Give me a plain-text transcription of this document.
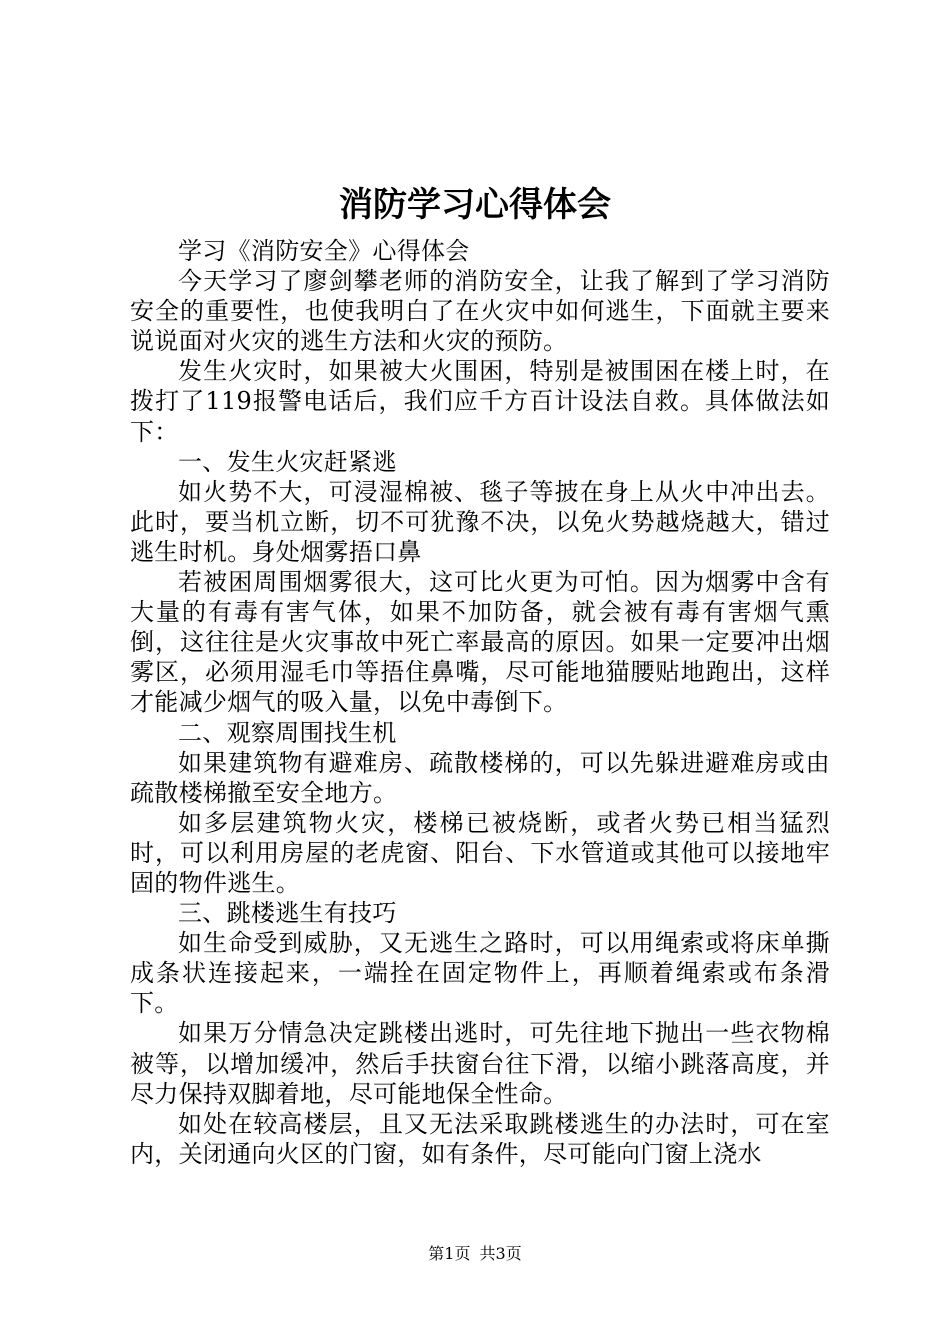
消防学习心得体会

学习《消防安全》心得体会

今天学习了廖剑攀老师的消防安全，让我了解到了学习消防安全的重要性，也使我明白了在火灾中如何逃生，下面就主要来说说面对火灾的逃生方法和火灾的预防。

发生火灾时，如果被大火围困，特别是被围困在楼上时，在拨打了119报警电话后，我们应千方百计设法自救。具体做法如下：

一、发生火灾赶紧逃

如火势不大，可浸湿棉被、毯子等披在身上从火中冲出去。此时，要当机立断，切不可犹豫不决，以免火势越烧越大，错过逃生时机。身处烟雾捂口鼻

若被困周围烟雾很大，这可比火更为可怕。因为烟雾中含有大量的有毒有害气体，如果不加防备，就会被有毒有害烟气熏倒，这往往是火灾事故中死亡率最高的原因。如果一定要冲出烟雾区，必须用湿毛巾等捂住鼻嘴，尽可能地猫腰贴地跑出，这样才能减少烟气的吸入量，以免中毒倒下。

二、观察周围找生机

如果建筑物有避难房、疏散楼梯的，可以先躲进避难房或由疏散楼梯撤至安全地方。

如多层建筑物火灾，楼梯已被烧断，或者火势已相当猛烈时，可以利用房屋的老虎窗、阳台、下水管道或其他可以接地牢固的物件逃生。

三、跳楼逃生有技巧

如生命受到威胁，又无逃生之路时，可以用绳索或将床单撕成条状连接起来，一端拴在固定物件上，再顺着绳索或布条滑下。

如果万分情急决定跳楼出逃时，可先往地下抛出一些衣物棉被等，以增加缓冲，然后手扶窗台往下滑，以缩小跳落高度，并尽力保持双脚着地，尽可能地保全性命。

如处在较高楼层，且又无法采取跳楼逃生的办法时，可在室内，关闭通向火区的门窗，如有条件，尽可能向门窗上浇水

第1页 共3页
